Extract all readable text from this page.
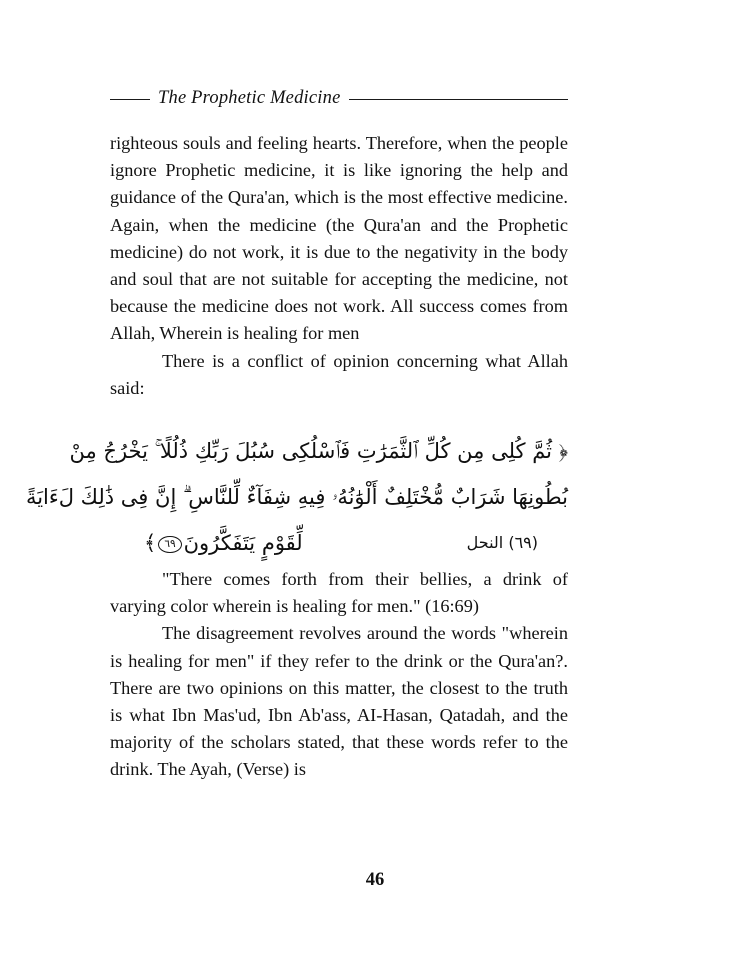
The Prophetic Medicine

righteous souls and feeling hearts. Therefore, when the people ignore Prophetic medicine, it is like ignoring the help and guidance of the Qura'an, which is the most effective medicine. Again, when the medicine (the Qura'an and the Prophetic medicine) do not work, it is due to the negativity in the body and soul that are not suitable for accepting the medicine, not because the medicine does not work. All success comes from Allah, Wherein is healing for men

There is a conflict of opinion concerning what Allah said:

﴿ ثُمَّ كُلِى مِن كُلِّ ٱلثَّمَرَٰتِ فَٱسْلُكِى سُبُلَ رَبِّكِ ذُلُلًا ۚ يَخْرُجُ مِنْ
بُطُونِهَا شَرَابٌ مُّخْتَلِفٌ أَلْوَٰنُهُۥ فِيهِ شِفَآءٌ لِّلنَّاسِ ۗ إِنَّ فِى ذَٰلِكَ لَءَايَةً
لِّقَوْمٍ يَتَفَكَّرُونَ٦٩﴾	(٦٩) النحل

"There comes forth from their bellies, a drink of varying color wherein is healing for men." (16:69)

The disagreement revolves around the words "wherein is healing for men" if they refer to the drink or the Qura'an?. There are two opinions on this matter, the closest to the truth is what Ibn Mas'ud, Ibn Ab'ass, AI-Hasan, Qatadah, and the majority of the scholars stated, that these words refer to the drink. The Ayah, (Verse) is

46
